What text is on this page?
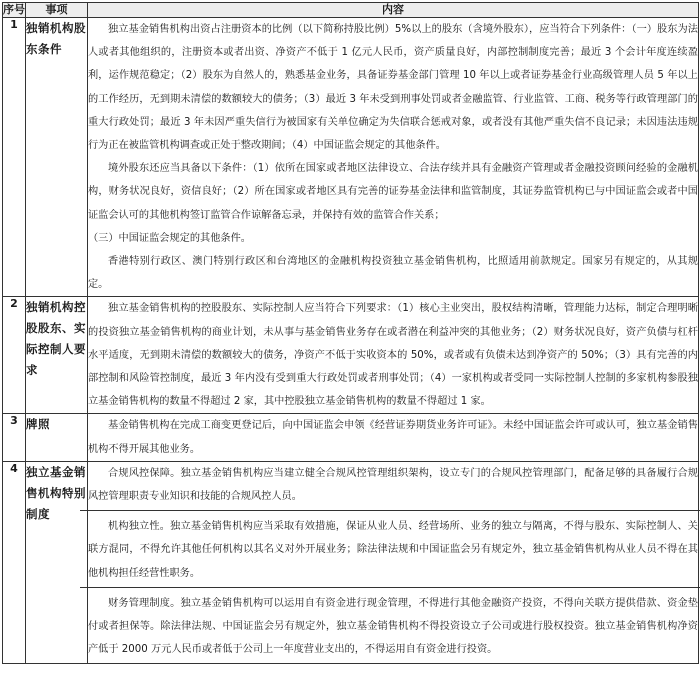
序号	事项	内容
1	独销机构股东条件	独立基金销售机构出资占注册资本的比例（以下简称持股比例）5%以上的股东（含境外股东），应当符合下列条件：（一）股东为法人或者其他组织的，注册资本或者出资、净资产不低于 1 亿元人民币，资产质量良好，内部控制制度完善；最近 3 个会计年度连续盈利，运作规范稳定；（2）股东为自然人的，熟悉基金业务，具备证券基金部门管理 10 年以上或者证券基金行业高级管理人员 5 年以上的工作经历，无到期未清偿的数额较大的债务；（3）最近 3 年未受到刑事处罚或者金融监管、行业监管、工商、税务等行政管理部门的重大行政处罚；最近 3 年未因严重失信行为被国家有关单位确定为失信联合惩戒对象，或者没有其他严重失信不良记录；未因违法违规行为正在被监管机构调查或正处于整改期间；（4）中国证监会规定的其他条件。

境外股东还应当具备以下条件：（1）依所在国家或者地区法律设立、合法存续并具有金融资产管理或者金融投资顾问经验的金融机构，财务状况良好，资信良好；（2）所在国家或者地区具有完善的证券基金法律和监管制度，其证券监管机构已与中国证监会或者中国证监会认可的其他机构签订监管合作谅解备忘录，并保持有效的监管合作关系；

（三）中国证监会规定的其他条件。

香港特别行政区、澳门特别行政区和台湾地区的金融机构投资独立基金销售机构，比照适用前款规定。国家另有规定的，从其规定。

2	独销机构控股股东、实际控制人要求	独立基金销售机构的控股股东、实际控制人应当符合下列要求：（1）核心主业突出，股权结构清晰，管理能力达标，制定合理明晰的投资独立基金销售机构的商业计划，未从事与基金销售业务存在或者潜在利益冲突的其他业务；（2）财务状况良好，资产负债与杠杆水平适度，无到期未清偿的数额较大的债务，净资产不低于实收资本的 50%，或者或有负债未达到净资产的 50%；（3）具有完善的内部控制和风险管控制度，最近 3 年内没有受到重大行政处罚或者刑事处罚；（4）一家机构或者受同一实际控制人控制的多家机构参股独立基金销售机构的数量不得超过 2 家，其中控股独立基金销售机构的数量不得超过 1 家。

3	牌照	基金销售机构在完成工商变更登记后，向中国证监会申领《经营证券期货业务许可证》。未经中国证监会许可或认可，独立基金销售机构不得开展其他业务。

4	独立基金销售机构特别制度	合规风控保障。独立基金销售机构应当建立健全合规风控管理组织架构，设立专门的合规风控管理部门，配备足够的具备履行合规风控管理职责专业知识和技能的合规风控人员。

机构独立性。独立基金销售机构应当采取有效措施，保证从业人员、经营场所、业务的独立与隔离，不得与股东、实际控制人、关联方混同，不得允许其他任何机构以其名义对外开展业务；除法律法规和中国证监会另有规定外，独立基金销售机构从业人员不得在其他机构担任经营性职务。

财务管理制度。独立基金销售机构可以运用自有资金进行现金管理，不得进行其他金融资产投资，不得向关联方提供借款、资金垫付或者担保等。除法律法规、中国证监会另有规定外，独立基金销售机构不得投资设立子公司或进行股权投资。独立基金销售机构净资产低于 2000 万元人民币或者低于公司上一年度营业支出的，不得运用自有资金进行投资。
